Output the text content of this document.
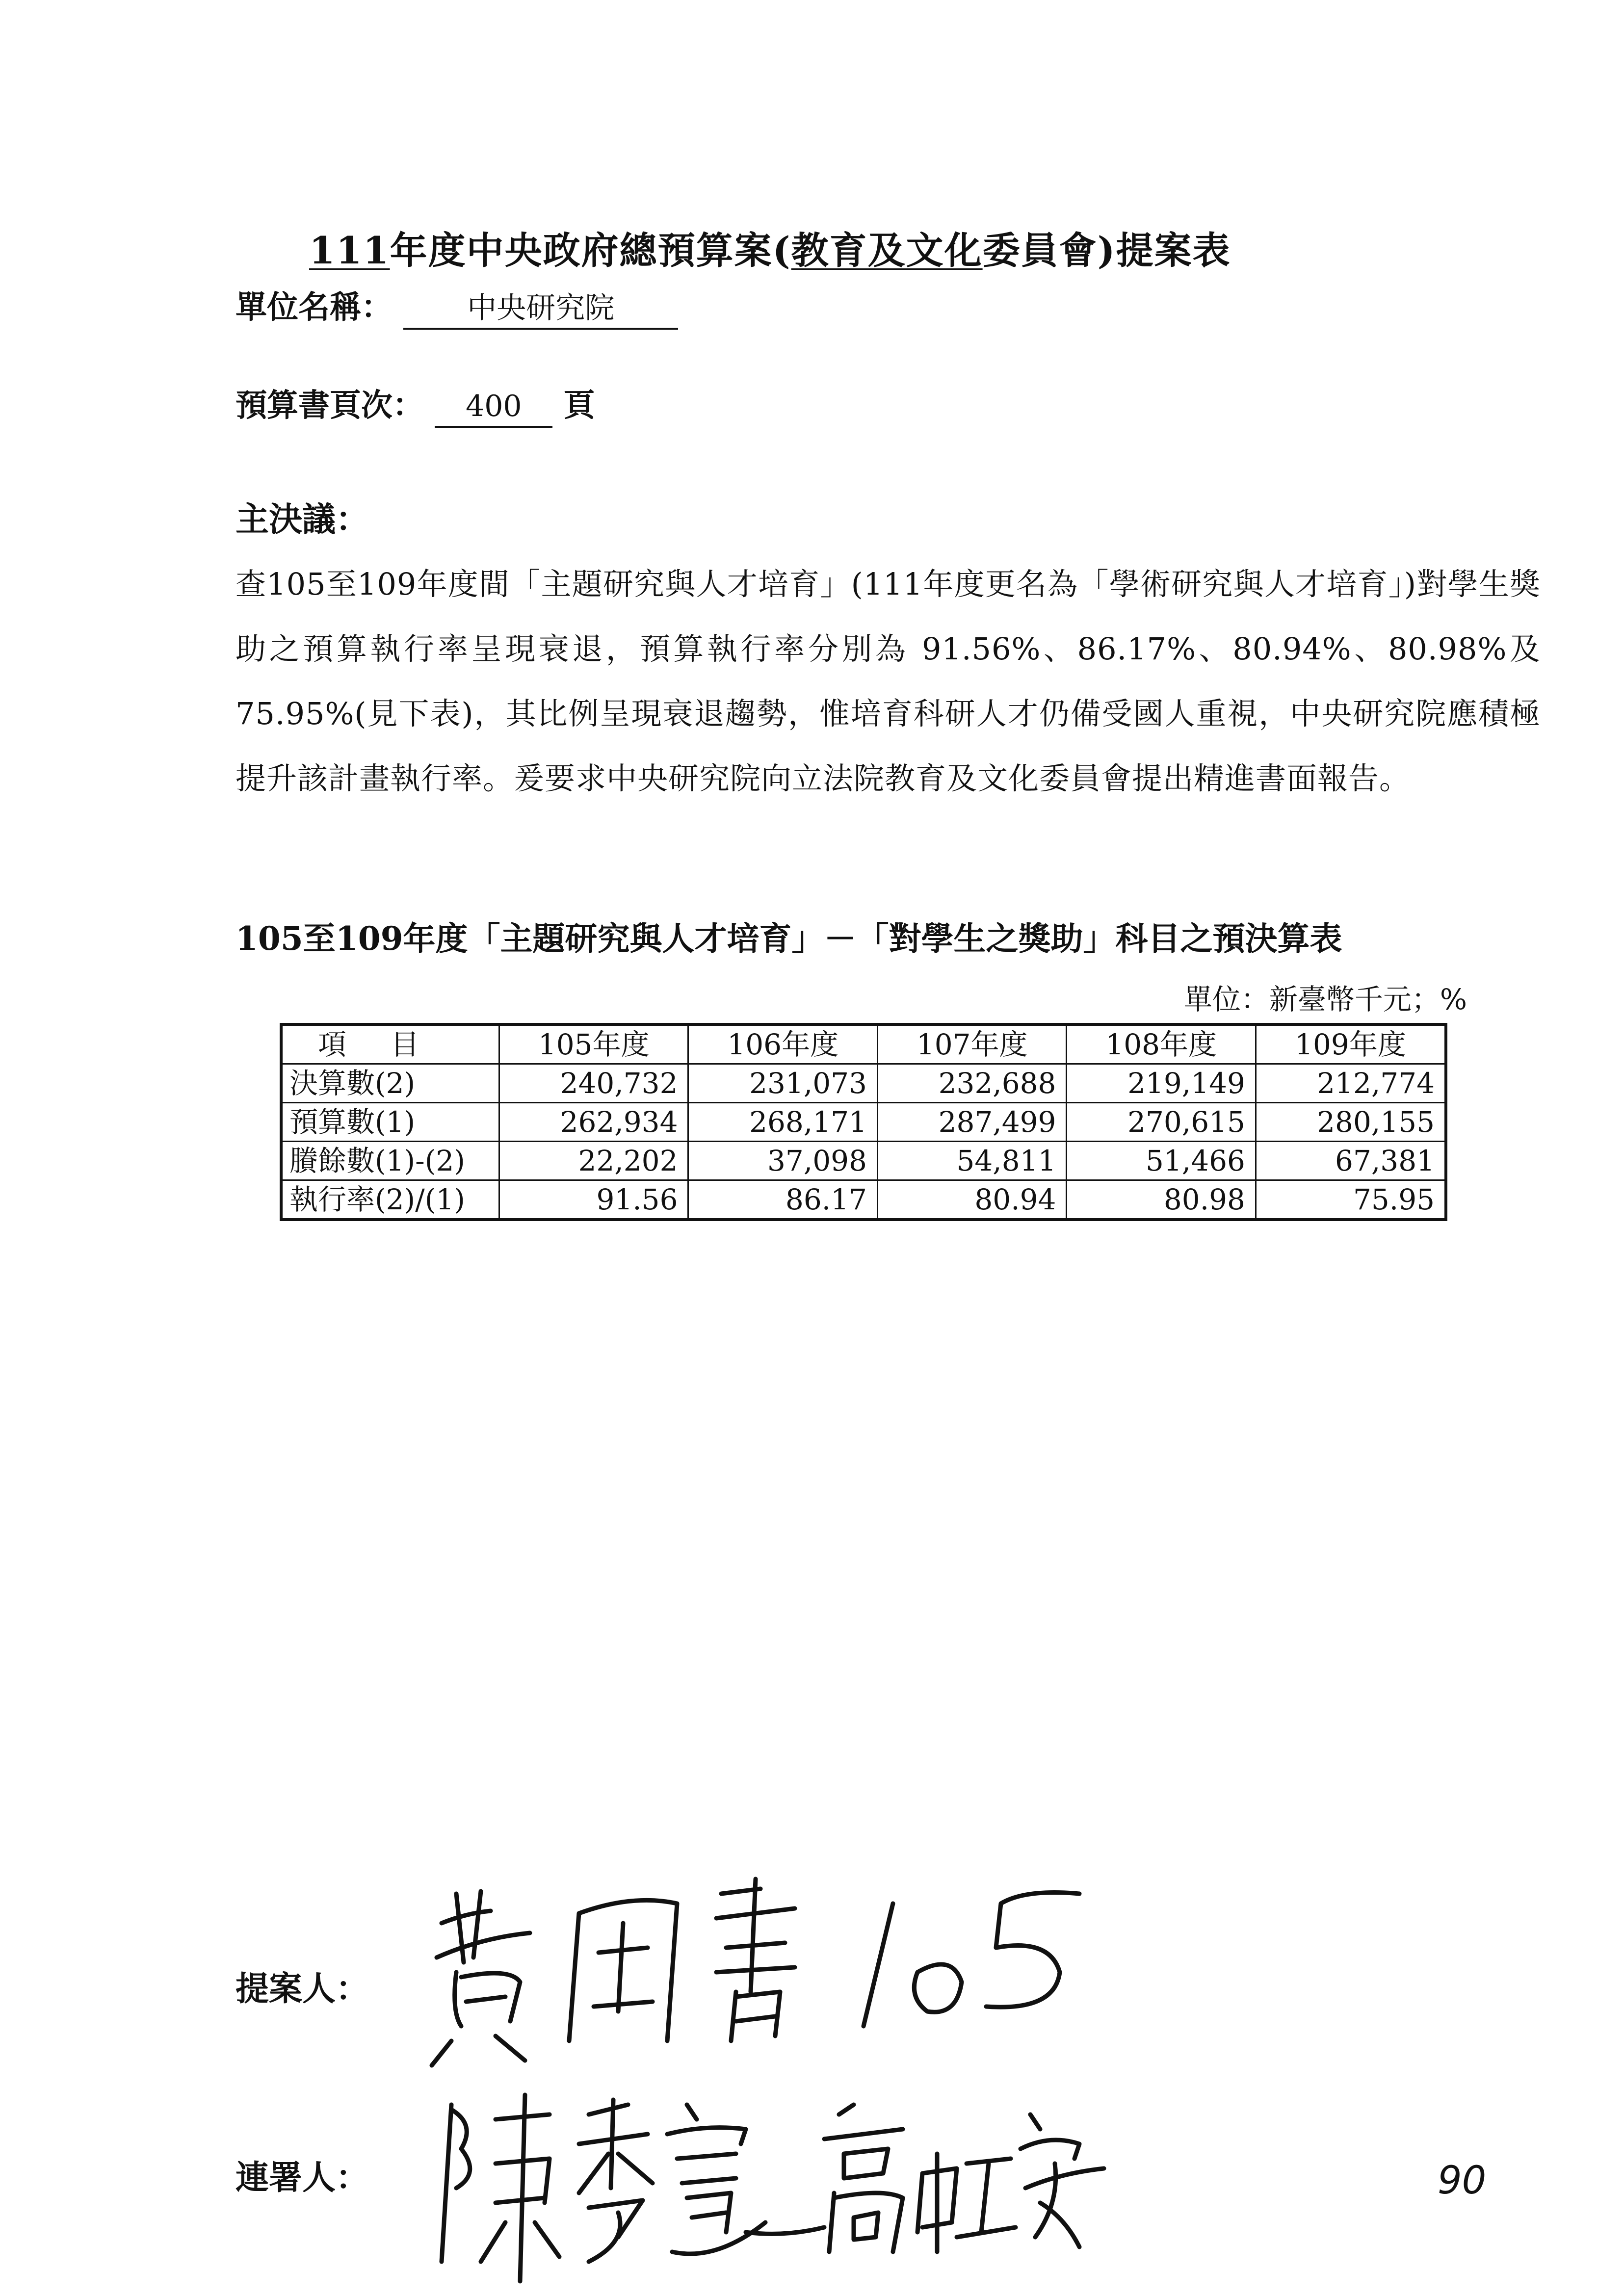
111年度中央政府總預算案(教育及文化委員會)提案表
單位名稱：	中央研究院
預算書頁次： 400 頁
主決議：
查105至109年度間「主題研究與人才培育」(111年度更名為「學術研究與人才培育」)對學生獎助之預算執行率呈現衰退，預算執行率分別為 91.56%、86.17%、80.94%、80.98%及75.95%(見下表)，其比例呈現衰退趨勢，惟培育科研人才仍備受國人重視，中央研究院應積極提升該計畫執行率。爰要求中央研究院向立法院教育及文化委員會提出精進書面報告。
105至109年度「主題研究與人才培育」－「對學生之獎助」科目之預決算表
單位：新臺幣千元；%
項目	105年度	106年度	107年度	108年度	109年度
決算數(2)	240,732	231,073	232,688	219,149	212,774
預算數(1)	262,934	268,171	287,499	270,615	280,155
賸餘數(1)-(2)	22,202	37,098	54,811	51,466	67,381
執行率(2)/(1)	91.56	86.17	80.94	80.98	75.95
提案人：
連署人：	90
